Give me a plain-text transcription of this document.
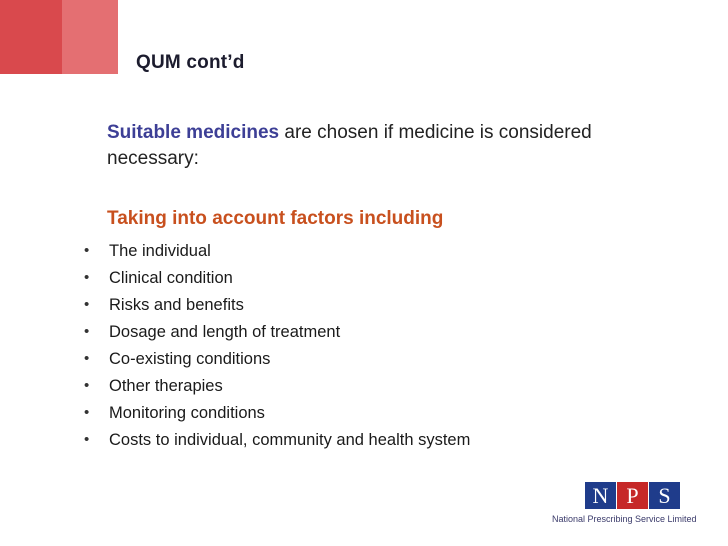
QUM cont’d
Suitable medicines are chosen if medicine is considered necessary:
Taking into account factors including
• The individual
• Clinical condition
• Risks and benefits
• Dosage and length of treatment
• Co-existing conditions
• Other therapies
• Monitoring conditions
• Costs to individual, community and health system
N P S
National Prescribing Service Limited
